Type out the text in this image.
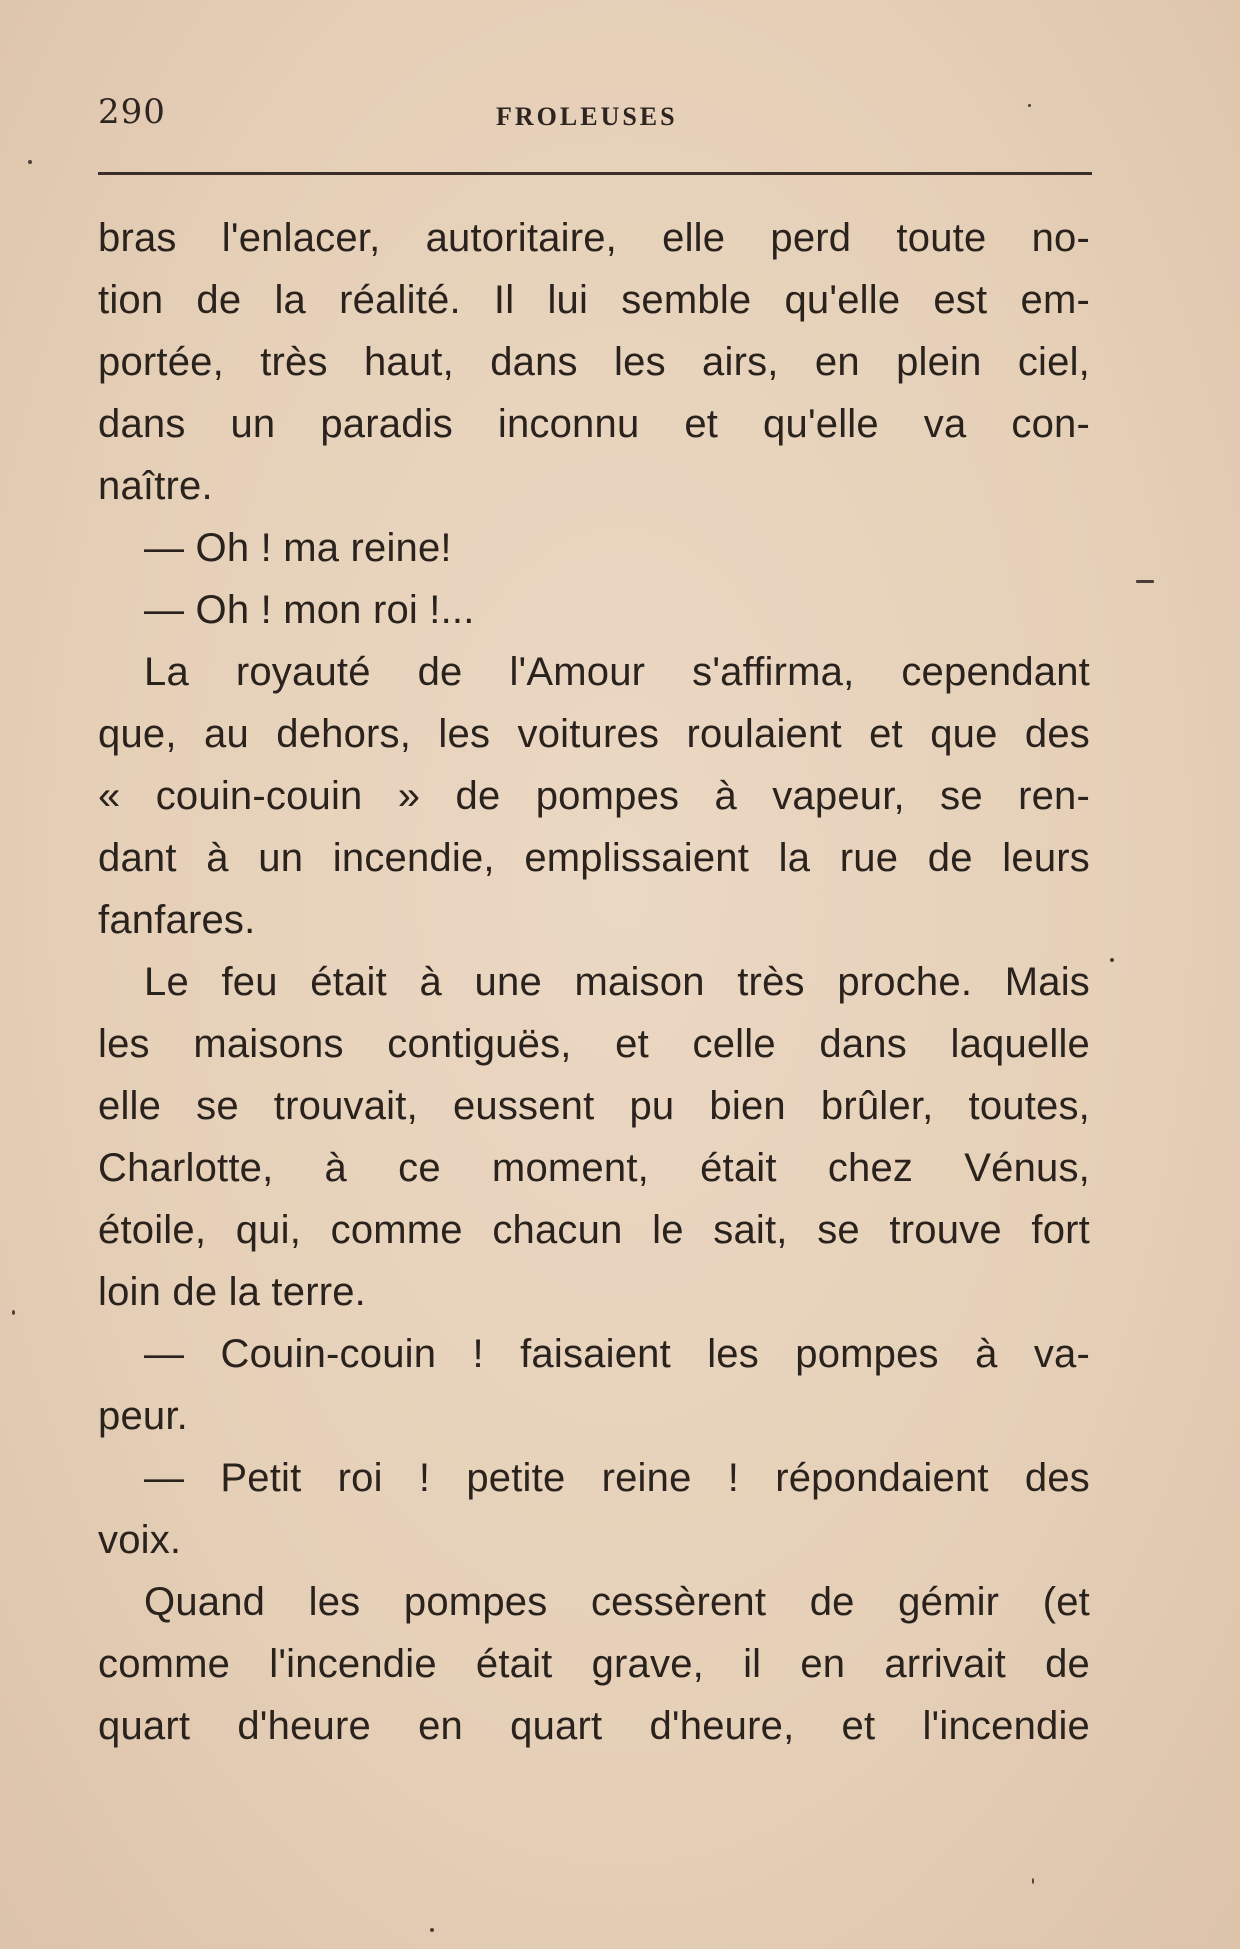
290	FROLEUSES
bras l'enlacer, autoritaire, elle perd toute no-
tion de la réalité. Il lui semble qu'elle est em-
portée, très haut, dans les airs, en plein ciel,
dans un paradis inconnu et qu'elle va con-
naître.
— Oh ! ma reine!
— Oh ! mon roi !...
La royauté de l'Amour s'affirma, cependant
que, au dehors, les voitures roulaient et que des
« couin-couin » de pompes à vapeur, se ren-
dant à un incendie, emplissaient la rue de leurs
fanfares.
Le feu était à une maison très proche. Mais
les maisons contiguës, et celle dans laquelle
elle se trouvait, eussent pu bien brûler, toutes,
Charlotte, à ce moment, était chez Vénus,
étoile, qui, comme chacun le sait, se trouve fort
loin de la terre.
— Couin-couin ! faisaient les pompes à va-
peur.
— Petit roi ! petite reine ! répondaient des
voix.
Quand les pompes cessèrent de gémir (et
comme l'incendie était grave, il en arrivait de
quart d'heure en quart d'heure, et l'incendie
